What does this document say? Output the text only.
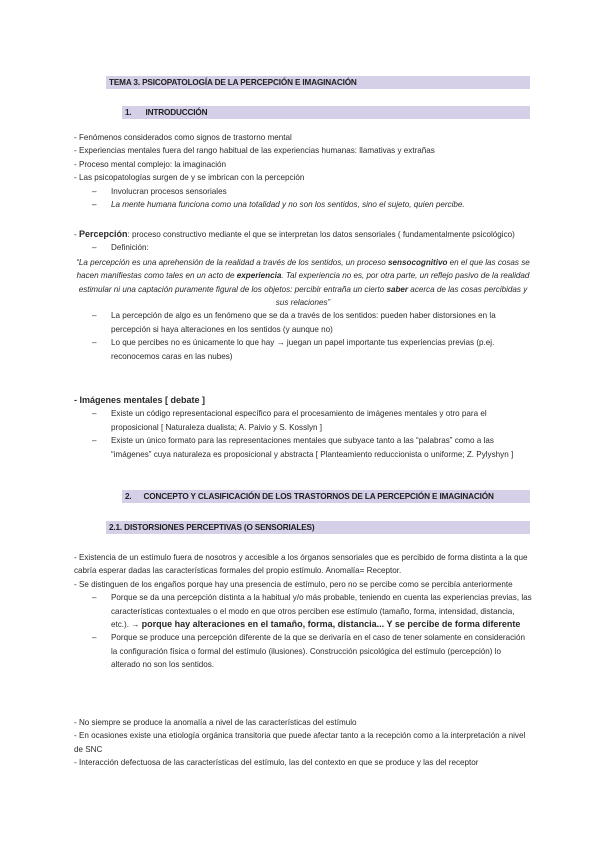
TEMA 3. PSICOPATOLOGÍA DE LA PERCEPCIÓN E IMAGINACIÓN
1. INTRODUCCIÓN

- Fenómenos considerados como signos de trastorno mental

- Experiencias mentales fuera del rango habitual de las experiencias humanas: llamativas y extrañas

- Proceso mental complejo: la imaginación

- Las psicopatologías surgen de y se imbrican con la percepción

– Involucran procesos sensoriales

– La mente humana funciona como una totalidad y no son los sentidos, sino el sujeto, quien percibe.

- Percepción: proceso constructivo mediante el que se interpretan los datos sensoriales ( fundamentalmente psicológico)

– Definición:

“La percepción es una aprehensión de la realidad a través de los sentidos, un proceso sensocognitivo en el que las cosas se hacen manifiestas como tales en un acto de experiencia. Tal experiencia no es, por otra parte, un reflejo pasivo de la realidad estimular ni una captación puramente figural de los objetos: percibir entraña un cierto saber acerca de las cosas percibidas y sus relaciones”

– La percepción de algo es un fenómeno que se da a través de los sentidos: pueden haber distorsiones en la percepción si haya alteraciones en los sentidos (y aunque no)

– Lo que percibes no es únicamente lo que hay → juegan un papel importante tus experiencias previas (p.ej. reconocemos caras en las nubes)

- Imágenes mentales [ debate ]

– Existe un código representacional específico para el procesamiento de imágenes mentales y otro para el proposicional [ Naturaleza dualista; A. Paivio y S. Kosslyn ]

– Existe un único formato para las representaciones mentales que subyace tanto a las “palabras” como a las “imágenes” cuya naturaleza es proposicional y abstracta [ Planteamiento reduccionista o uniforme; Z. Pylyshyn ]

2. CONCEPTO Y CLASIFICACIÓN DE LOS TRASTORNOS DE LA PERCEPCIÓN E IMAGINACIÓN
2.1. DISTORSIONES PERCEPTIVAS (O SENSORIALES)

- Existencia de un estímulo fuera de nosotros y accesible a los órganos sensoriales que es percibido de forma distinta a la que cabría esperar dadas las características formales del propio estímulo. Anomalía= Receptor.

- Se distinguen de los engaños porque hay una presencia de estímulo, pero no se percibe como se percibía anteriormente

– Porque se da una percepción distinta a la habitual y/o más probable, teniendo en cuenta las experiencias previas, las características contextuales o el modo en que otros perciben ese estímulo (tamaño, forma, intensidad, distancia, etc.). → porque hay alteraciones en el tamaño, forma, distancia... Y se percibe de forma diferente

– Porque se produce una percepción diferente de la que se derivaría en el caso de tener solamente en consideración la configuración física o formal del estímulo (ilusiones). Construcción psicológica del estímulo (percepción) lo alterado no son los sentidos.

- No siempre se produce la anomalía a nivel de las características del estímulo

- En ocasiones existe una etiología orgánica transitoria que puede afectar tanto a la recepción como a la interpretación a nivel de SNC

- Interacción defectuosa de las características del estímulo, las del contexto en que se produce y las del receptor
